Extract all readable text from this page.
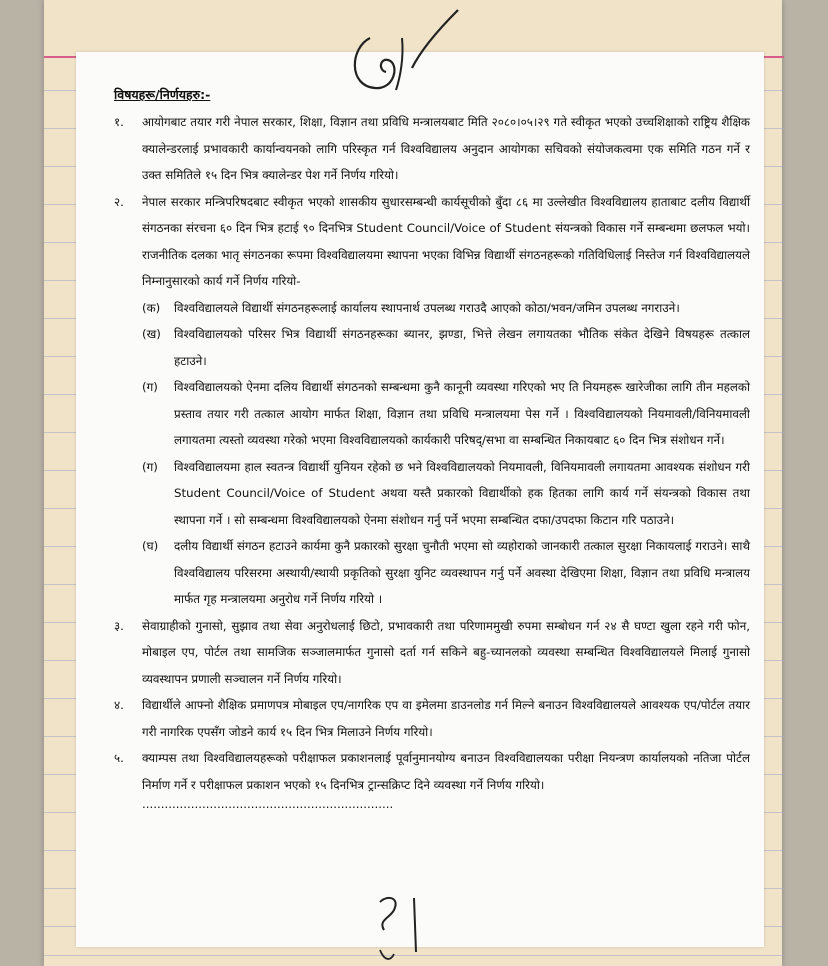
विषयहरू/निर्णयहरु:-
१. आयोगबाट तयार गरी नेपाल सरकार, शिक्षा, विज्ञान तथा प्रविधि मन्त्रालयबाट मिति २०८०।०५।२९ गते स्वीकृत भएको उच्चशिक्षाको राष्ट्रिय शैक्षिक क्यालेन्डरलाई प्रभावकारी कार्यान्वयनको लागि परिस्कृत गर्न विश्वविद्यालय अनुदान आयोगका सचिवको संयोजकत्वमा एक समिति गठन गर्ने र उक्त समितिले १५ दिन भित्र क्यालेन्डर पेश गर्ने निर्णय गरियो।
२. नेपाल सरकार मन्त्रिपरिषदबाट स्वीकृत भएको शासकीय सुधारसम्बन्धी कार्यसूचीको बुँदा ८६ मा उल्लेखीत विश्वविद्यालय हाताबाट दलीय विद्यार्थी संगठनका संरचना ६० दिन भित्र हटाई ९० दिनभित्र Student Council/Voice of Student संयन्त्रको विकास गर्ने सम्बन्धमा छलफल भयो। राजनीतिक दलका भातृ संगठनका रूपमा विश्वविद्यालयमा स्थापना भएका विभिन्न विद्यार्थी संगठनहरूको गतिविधिलाई निस्तेज गर्न विश्वविद्यालयले निम्नानुसारको कार्य गर्ने निर्णय गरियो-
(क) विश्वविद्यालयले विद्यार्थी संगठनहरूलाई कार्यालय स्थापनार्थ उपलब्ध गराउदै आएको कोठा/भवन/जमिन उपलब्ध नगराउने।
(ख) विश्वविद्यालयको परिसर भित्र विद्यार्थी संगठनहरूका ब्यानर, झण्डा, भित्ते लेखन लगायतका भौतिक संकेत देखिने विषयहरू तत्काल हटाउने।
(ग) विश्वविद्यालयको ऐनमा दलिय विद्यार्थी संगठनको सम्बन्धमा कुनै कानूनी व्यवस्था गरिएको भए ति नियमहरू खारेजीका लागि तीन महलको प्रस्ताव तयार गरी तत्काल आयोग मार्फत शिक्षा, विज्ञान तथा प्रविधि मन्त्रालयमा पेस गर्ने । विश्वविद्यालयको नियमावली/विनियमावली लगायतमा त्यस्तो व्यवस्था गरेको भएमा विश्वविद्यालयको कार्यकारी परिषद्/सभा वा सम्बन्धित निकायबाट ६० दिन भित्र संशोधन गर्ने।
(ग) विश्वविद्यालयमा हाल स्वतन्त्र विद्यार्थी युनियन रहेको छ भने विश्वविद्यालयको नियमावली, विनियमावली लगायतमा आवश्यक संशोधन गरी Student Council/Voice of Student अथवा यस्तै प्रकारको विद्यार्थीको हक हितका लागि कार्य गर्ने संयन्त्रको विकास तथा स्थापना गर्ने । सो सम्बन्धमा विश्वविद्यालयको ऐनमा संशोधन गर्नु पर्ने भएमा सम्बन्धित दफा/उपदफा किटान गरि पठाउने।
(घ) दलीय विद्यार्थी संगठन हटाउने कार्यमा कुनै प्रकारको सुरक्षा चुनौती भएमा सो व्यहोराको जानकारी तत्काल सुरक्षा निकायलाई गराउने। साथै विश्वविद्यालय परिसरमा अस्थायी/स्थायी प्रकृतिको सुरक्षा युनिट व्यवस्थापन गर्नु पर्ने अवस्था देखिएमा शिक्षा, विज्ञान तथा प्रविधि मन्त्रालय मार्फत गृह मन्त्रालयमा अनुरोध गर्ने निर्णय गरियो ।
३. सेवाग्राहीको गुनासो, सुझाव तथा सेवा अनुरोधलाई छिटो, प्रभावकारी तथा परिणाममुखी रुपमा सम्बोधन गर्न २४ सै घण्टा खुला रहने गरी फोन, मोबाइल एप, पोर्टल तथा सामजिक सञ्जालमार्फत गुनासो दर्ता गर्न सकिने बहु-च्यानलको व्यवस्था सम्बन्धित विश्वविद्यालयले मिलाई गुनासो व्यवस्थापन प्रणाली सञ्चालन गर्ने निर्णय गरियो।
४. विद्यार्थीले आफ्नो शैक्षिक प्रमाणपत्र मोबाइल एप/नागरिक एप वा इमेलमा डाउनलोड गर्न मिल्ने बनाउन विश्वविद्यालयले आवश्यक एप/पोर्टल तयार गरी नागरिक एपसँग जोडने कार्य १५ दिन भित्र मिलाउने निर्णय गरियो।
५. क्याम्पस तथा विश्वविद्यालयहरूको परीक्षाफल प्रकाशनलाई पूर्वानुमानयोग्य बनाउन विश्वविद्यालयका परीक्षा नियन्त्रण कार्यालयको नतिजा पोर्टल निर्माण गर्ने र परीक्षाफल प्रकाशन भएको १५ दिनभित्र ट्रान्सक्रिप्ट दिने व्यवस्था गर्ने निर्णय गरियो।
...................................................................
